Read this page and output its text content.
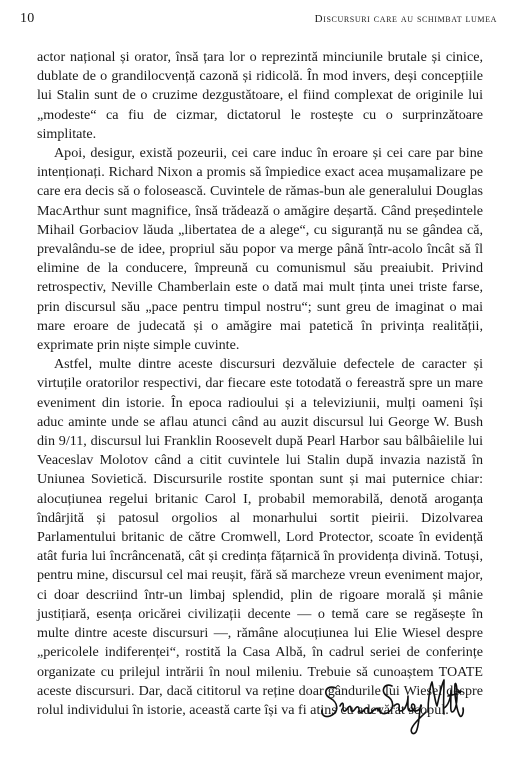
10	Discursuri care au schimbat lumea

actor național și orator, însă țara lor o reprezintă minciunile brutale și cinice, dublate de o grandilocvență cazonă și ridicolă. În mod invers, deși concepțiile lui Stalin sunt de o cruzime dezgustătoare, el fiind complexat de originile lui „modeste“ ca fiu de cizmar, dictatorul le rostește cu o surprinzătoare simplitate.

Apoi, desigur, există pozeurii, cei care induc în eroare și cei care par bine intenționați. Richard Nixon a promis să împiedice exact acea mușamalizare pe care era decis să o folosească. Cuvintele de rămas-bun ale generalului Douglas MacArthur sunt magnifice, însă trădează o amăgire deșartă. Când președintele Mihail Gorbaciov lăuda „libertatea de a alege“, cu siguranță nu se gândea că, prevalându-se de idee, propriul său popor va merge până într-acolo încât să îl elimine de la conducere, împreună cu comunismul său preaiubit. Privind retrospectiv, Neville Chamberlain este o dată mai mult ținta unei triste farse, prin discursul său „pace pentru timpul nostru“; sunt greu de imaginat o mai mare eroare de judecată și o amăgire mai patetică în privința realității, exprimate prin niște simple cuvinte.

Astfel, multe dintre aceste discursuri dezvăluie defectele de caracter și virtuțile oratorilor respectivi, dar fiecare este totodată o fereastră spre un mare eveniment din istorie. În epoca radioului și a televiziunii, mulți oameni își aduc aminte unde se aflau atunci când au auzit discursul lui George W. Bush din 9/11, discursul lui Franklin Roosevelt după Pearl Harbor sau bâlbâielile lui Veaceslav Molotov când a citit cuvintele lui Stalin după invazia nazistă în Uniunea Sovietică. Discursurile rostite spontan sunt și mai puternice chiar: alocuțiunea regelui britanic Carol I, probabil memorabilă, denotă aroganța îndârjită și patosul orgolios al monarhului sortit pieirii. Dizolvarea Parlamentului britanic de către Cromwell, Lord Protector, scoate în evidență atât furia lui încrâncenată, cât și credința fățarnică în providența divină. Totuși, pentru mine, discursul cel mai reușit, fără să marcheze vreun eveniment major, ci doar descriind într-un limbaj splendid, plin de rigoare morală și mânie justițiară, esența oricărei civilizații decente — o temă care se regăsește în multe dintre aceste discursuri —, rămâne alocuțiunea lui Elie Wiesel despre „pericolele indiferenței“, rostită la Casa Albă, în cadrul seriei de conferințe organizate cu prilejul intrării în noul mileniu. Trebuie să cunoaștem TOATE aceste discursuri. Dar, dacă cititorul va reține doar gândurile lui Wiesel despre rolul individului în istorie, această carte își va fi atins cu adevărat scopul.
